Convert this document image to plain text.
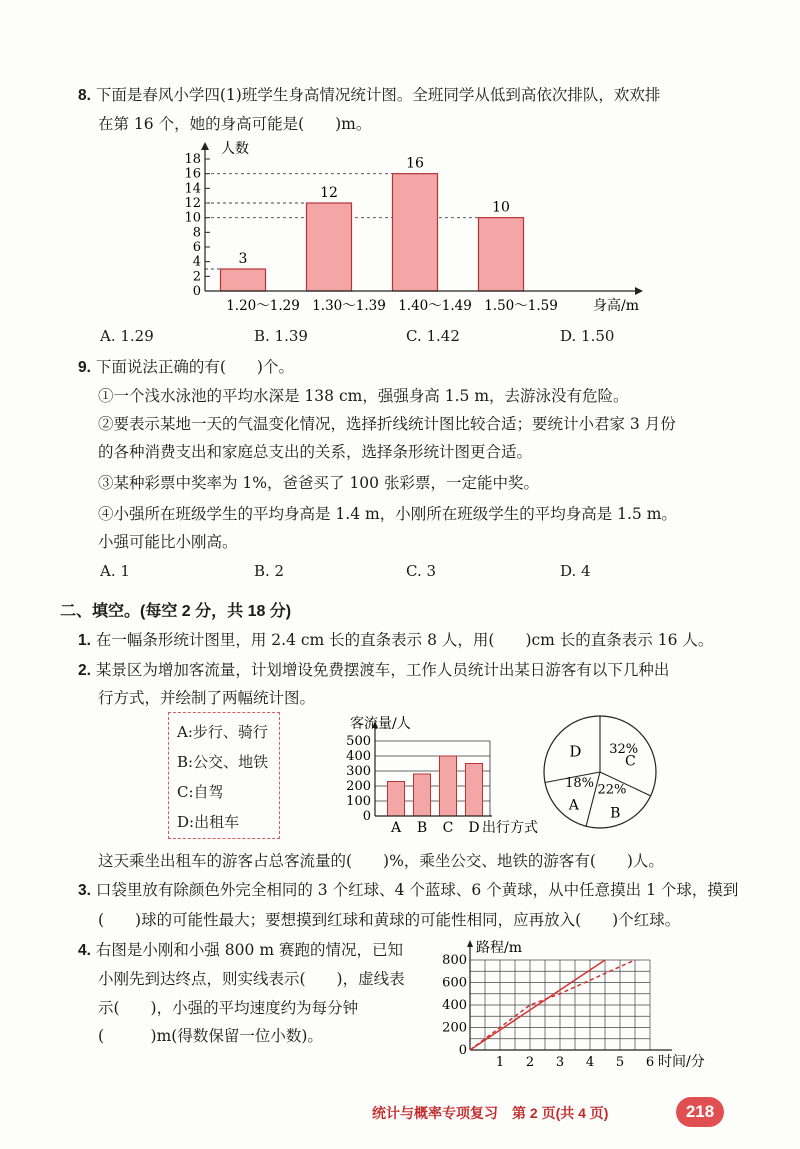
8. 下面是春风小学四(1)班学生身高情况统计图。全班同学从低到高依次排队，欢欢排
在第 16 个，她的身高可能是(　　)m。
0
2
4
6
8
10
12
14
16
18
3
12
16
10
人数
身高/m
1.20～1.29 1.30～1.39 1.40～1.49 1.50～1.59
A. 1.29	B. 1.39	C. 1.42	D. 1.50
9. 下面说法正确的有(　　)个。
①一个浅水泳池的平均水深是 138 cm，强强身高 1.5 m，去游泳没有危险。
②要表示某地一天的气温变化情况，选择折线统计图比较合适；要统计小君家 3 月份
的各种消费支出和家庭总支出的关系，选择条形统计图更合适。
③某种彩票中奖率为 1%，爸爸买了 100 张彩票，一定能中奖。
④小强所在班级学生的平均身高是 1.4 m，小刚所在班级学生的平均身高是 1.5 m。
小强可能比小刚高。
A. 1	B. 2	C. 3	D. 4
二、填空。(每空 2 分，共 18 分)
1. 在一幅条形统计图里，用 2.4 cm 长的直条表示 8 人，用(　　)cm 长的直条表示 16 人。
2. 某景区为增加客流量，计划增设免费摆渡车，工作人员统计出某日游客有以下几种出
行方式，并绘制了两幅统计图。
A:步行、骑行
B:公交、地铁
C:自驾
D:出租车	0
100
200
300
400
500
客流量/人
出行方式
A B C D
32%
C
22%
B
18%
A
D
这天乘坐出租车的游客占总客流量的(　　)%，乘坐公交、地铁的游客有(　　)人。
3. 口袋里放有除颜色外完全相同的 3 个红球、4 个蓝球、6 个黄球，从中任意摸出 1 个球，摸到
(　　)球的可能性最大；要想摸到红球和黄球的可能性相同，应再放入(　　)个红球。
4. 右图是小刚和小强 800 m 赛跑的情况，已知
小刚先到达终点，则实线表示(　　)，虚线表
示(　　)，小强的平均速度约为每分钟
(　　　)m(得数保留一位小数)。
0
200
400
600
800
1 2 3 4 5 6
路程/m
时间/分
统计与概率专项复习　第 2 页(共 4 页)	218
